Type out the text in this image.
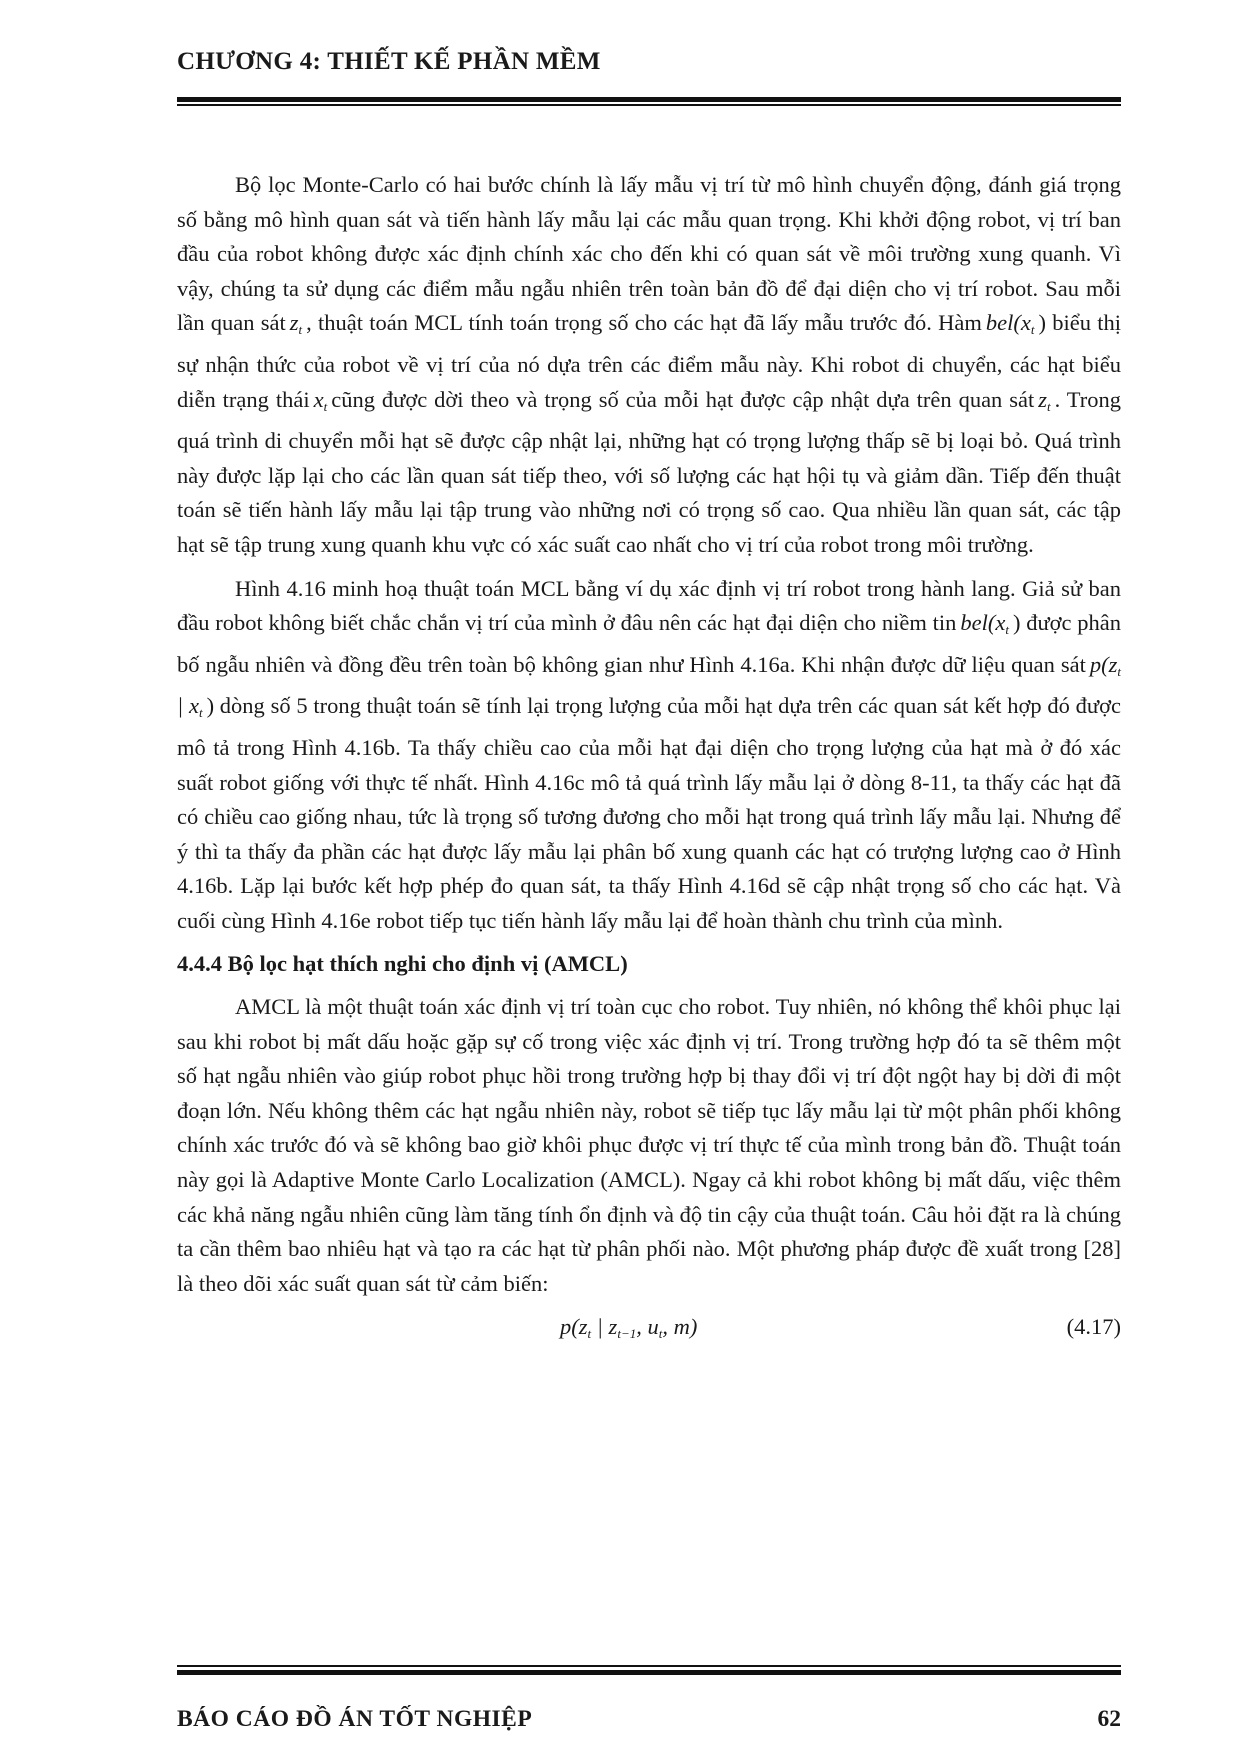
CHƯƠNG 4: THIẾT KẾ PHẦN MỀM

Bộ lọc Monte-Carlo có hai bước chính là lấy mẫu vị trí từ mô hình chuyển động, đánh giá trọng số bằng mô hình quan sát và tiến hành lấy mẫu lại các mẫu quan trọng. Khi khởi động robot, vị trí ban đầu của robot không được xác định chính xác cho đến khi có quan sát về môi trường xung quanh. Vì vậy, chúng ta sử dụng các điểm mẫu ngẫu nhiên trên toàn bản đồ để đại diện cho vị trí robot. Sau mỗi lần quan sát $z_t$ , thuật toán MCL tính toán trọng số cho các hạt đã lấy mẫu trước đó. Hàm $bel(x_t$ ) biểu thị sự nhận thức của robot về vị trí của nó dựa trên các điểm mẫu này. Khi robot di chuyển, các hạt biểu diễn trạng thái $x_t$ cũng được dời theo và trọng số của mỗi hạt được cập nhật dựa trên quan sát $z_t$ . Trong quá trình di chuyển mỗi hạt sẽ được cập nhật lại, những hạt có trọng lượng thấp sẽ bị loại bỏ. Quá trình này được lặp lại cho các lần quan sát tiếp theo, với số lượng các hạt hội tụ và giảm dần. Tiếp đến thuật toán sẽ tiến hành lấy mẫu lại tập trung vào những nơi có trọng số cao. Qua nhiều lần quan sát, các tập hạt sẽ tập trung xung quanh khu vực có xác suất cao nhất cho vị trí của robot trong môi trường.

Hình 4.16 minh hoạ thuật toán MCL bằng ví dụ xác định vị trí robot trong hành lang. Giả sử ban đầu robot không biết chắc chắn vị trí của mình ở đâu nên các hạt đại diện cho niềm tin $bel(x_t$ ) được phân bố ngẫu nhiên và đồng đều trên toàn bộ không gian như Hình 4.16a. Khi nhận được dữ liệu quan sát $p(z_t$ | $x_t$ ) dòng số 5 trong thuật toán sẽ tính lại trọng lượng của mỗi hạt dựa trên các quan sát kết hợp đó được mô tả trong Hình 4.16b. Ta thấy chiều cao của mỗi hạt đại diện cho trọng lượng của hạt mà ở đó xác suất robot giống với thực tế nhất. Hình 4.16c mô tả quá trình lấy mẫu lại ở dòng 8-11, ta thấy các hạt đã có chiều cao giống nhau, tức là trọng số tương đương cho mỗi hạt trong quá trình lấy mẫu lại. Nhưng để ý thì ta thấy đa phần các hạt được lấy mẫu lại phân bố xung quanh các hạt có trượng lượng cao ở Hình 4.16b. Lặp lại bước kết hợp phép đo quan sát, ta thấy Hình 4.16d sẽ cập nhật trọng số cho các hạt. Và cuối cùng Hình 4.16e robot tiếp tục tiến hành lấy mẫu lại để hoàn thành chu trình của mình.

4.4.4 Bộ lọc hạt thích nghi cho định vị (AMCL)

AMCL là một thuật toán xác định vị trí toàn cục cho robot. Tuy nhiên, nó không thể khôi phục lại sau khi robot bị mất dấu hoặc gặp sự cố trong việc xác định vị trí. Trong trường hợp đó ta sẽ thêm một số hạt ngẫu nhiên vào giúp robot phục hồi trong trường hợp bị thay đổi vị trí đột ngột hay bị dời đi một đoạn lớn. Nếu không thêm các hạt ngẫu nhiên này, robot sẽ tiếp tục lấy mẫu lại từ một phân phối không chính xác trước đó và sẽ không bao giờ khôi phục được vị trí thực tế của mình trong bản đồ. Thuật toán này gọi là Adaptive Monte Carlo Localization (AMCL). Ngay cả khi robot không bị mất dấu, việc thêm các khả năng ngẫu nhiên cũng làm tăng tính ổn định và độ tin cậy của thuật toán. Câu hỏi đặt ra là chúng ta cần thêm bao nhiêu hạt và tạo ra các hạt từ phân phối nào. Một phương pháp được đề xuất trong [28] là theo dõi xác suất quan sát từ cảm biến:

$p(z_t$ | $z_{t-1}$, $u_t$, m)	(4.17)
BÁO CÁO ĐỒ ÁN TỐT NGHIỆP	62
